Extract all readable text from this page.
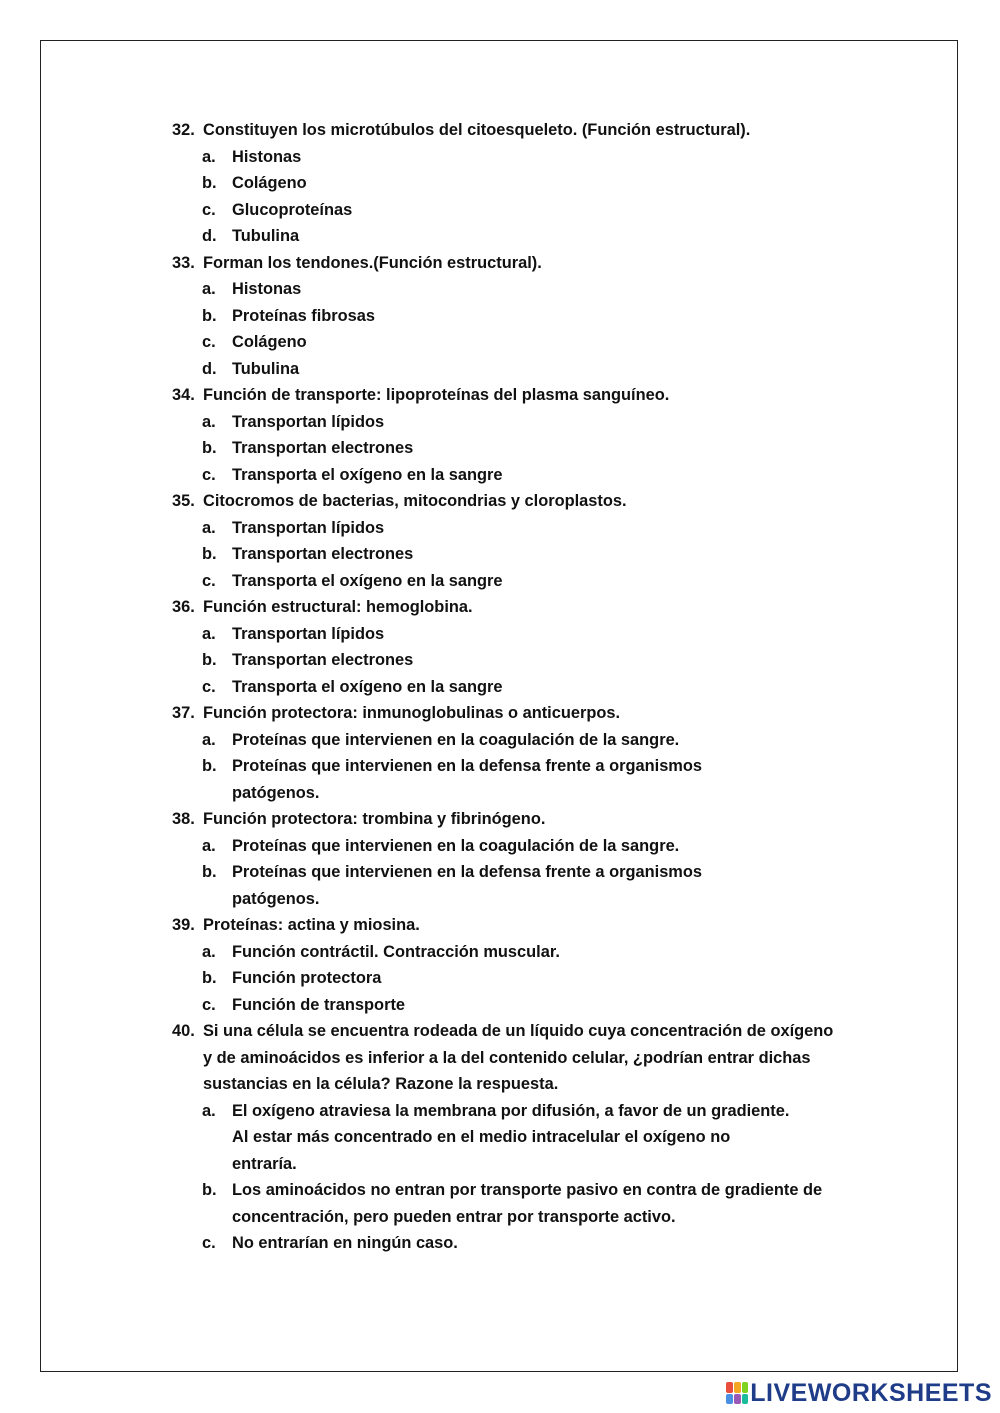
32. Constituyen los microtúbulos del citoesqueleto. (Función estructural).
a. Histonas
b. Colágeno
c. Glucoproteínas
d. Tubulina
33. Forman los tendones.(Función estructural).
a. Histonas
b. Proteínas fibrosas
c. Colágeno
d. Tubulina
34. Función de transporte: lipoproteínas del plasma sanguíneo.
a. Transportan lípidos
b. Transportan electrones
c. Transporta el oxígeno en la sangre
35. Citocromos de bacterias, mitocondrias y cloroplastos.
a. Transportan lípidos
b. Transportan electrones
c. Transporta el oxígeno en la sangre
36. Función estructural: hemoglobina.
a. Transportan lípidos
b. Transportan electrones
c. Transporta el oxígeno en la sangre
37. Función protectora: inmunoglobulinas o anticuerpos.
a. Proteínas que intervienen en la coagulación de la sangre.
b. Proteínas que intervienen en la defensa frente a organismos patógenos.
38. Función protectora: trombina y fibrinógeno.
a. Proteínas que intervienen en la coagulación de la sangre.
b. Proteínas que intervienen en la defensa frente a organismos patógenos.
39. Proteínas: actina y miosina.
a. Función contráctil. Contracción muscular.
b. Función protectora
c. Función de transporte
40. Si una célula se encuentra rodeada de un líquido cuya concentración de oxígeno y de aminoácidos es inferior a la del contenido celular, ¿podrían entrar dichas sustancias en la célula? Razone la respuesta.
a. El oxígeno atraviesa la membrana por difusión, a favor de un gradiente. Al estar más concentrado en el medio intracelular el oxígeno no entraría.
b. Los aminoácidos no entran por transporte pasivo en contra de gradiente de concentración, pero pueden entrar por transporte activo.
c. No entrarían en ningún caso.
LIVEWORKSHEETS
